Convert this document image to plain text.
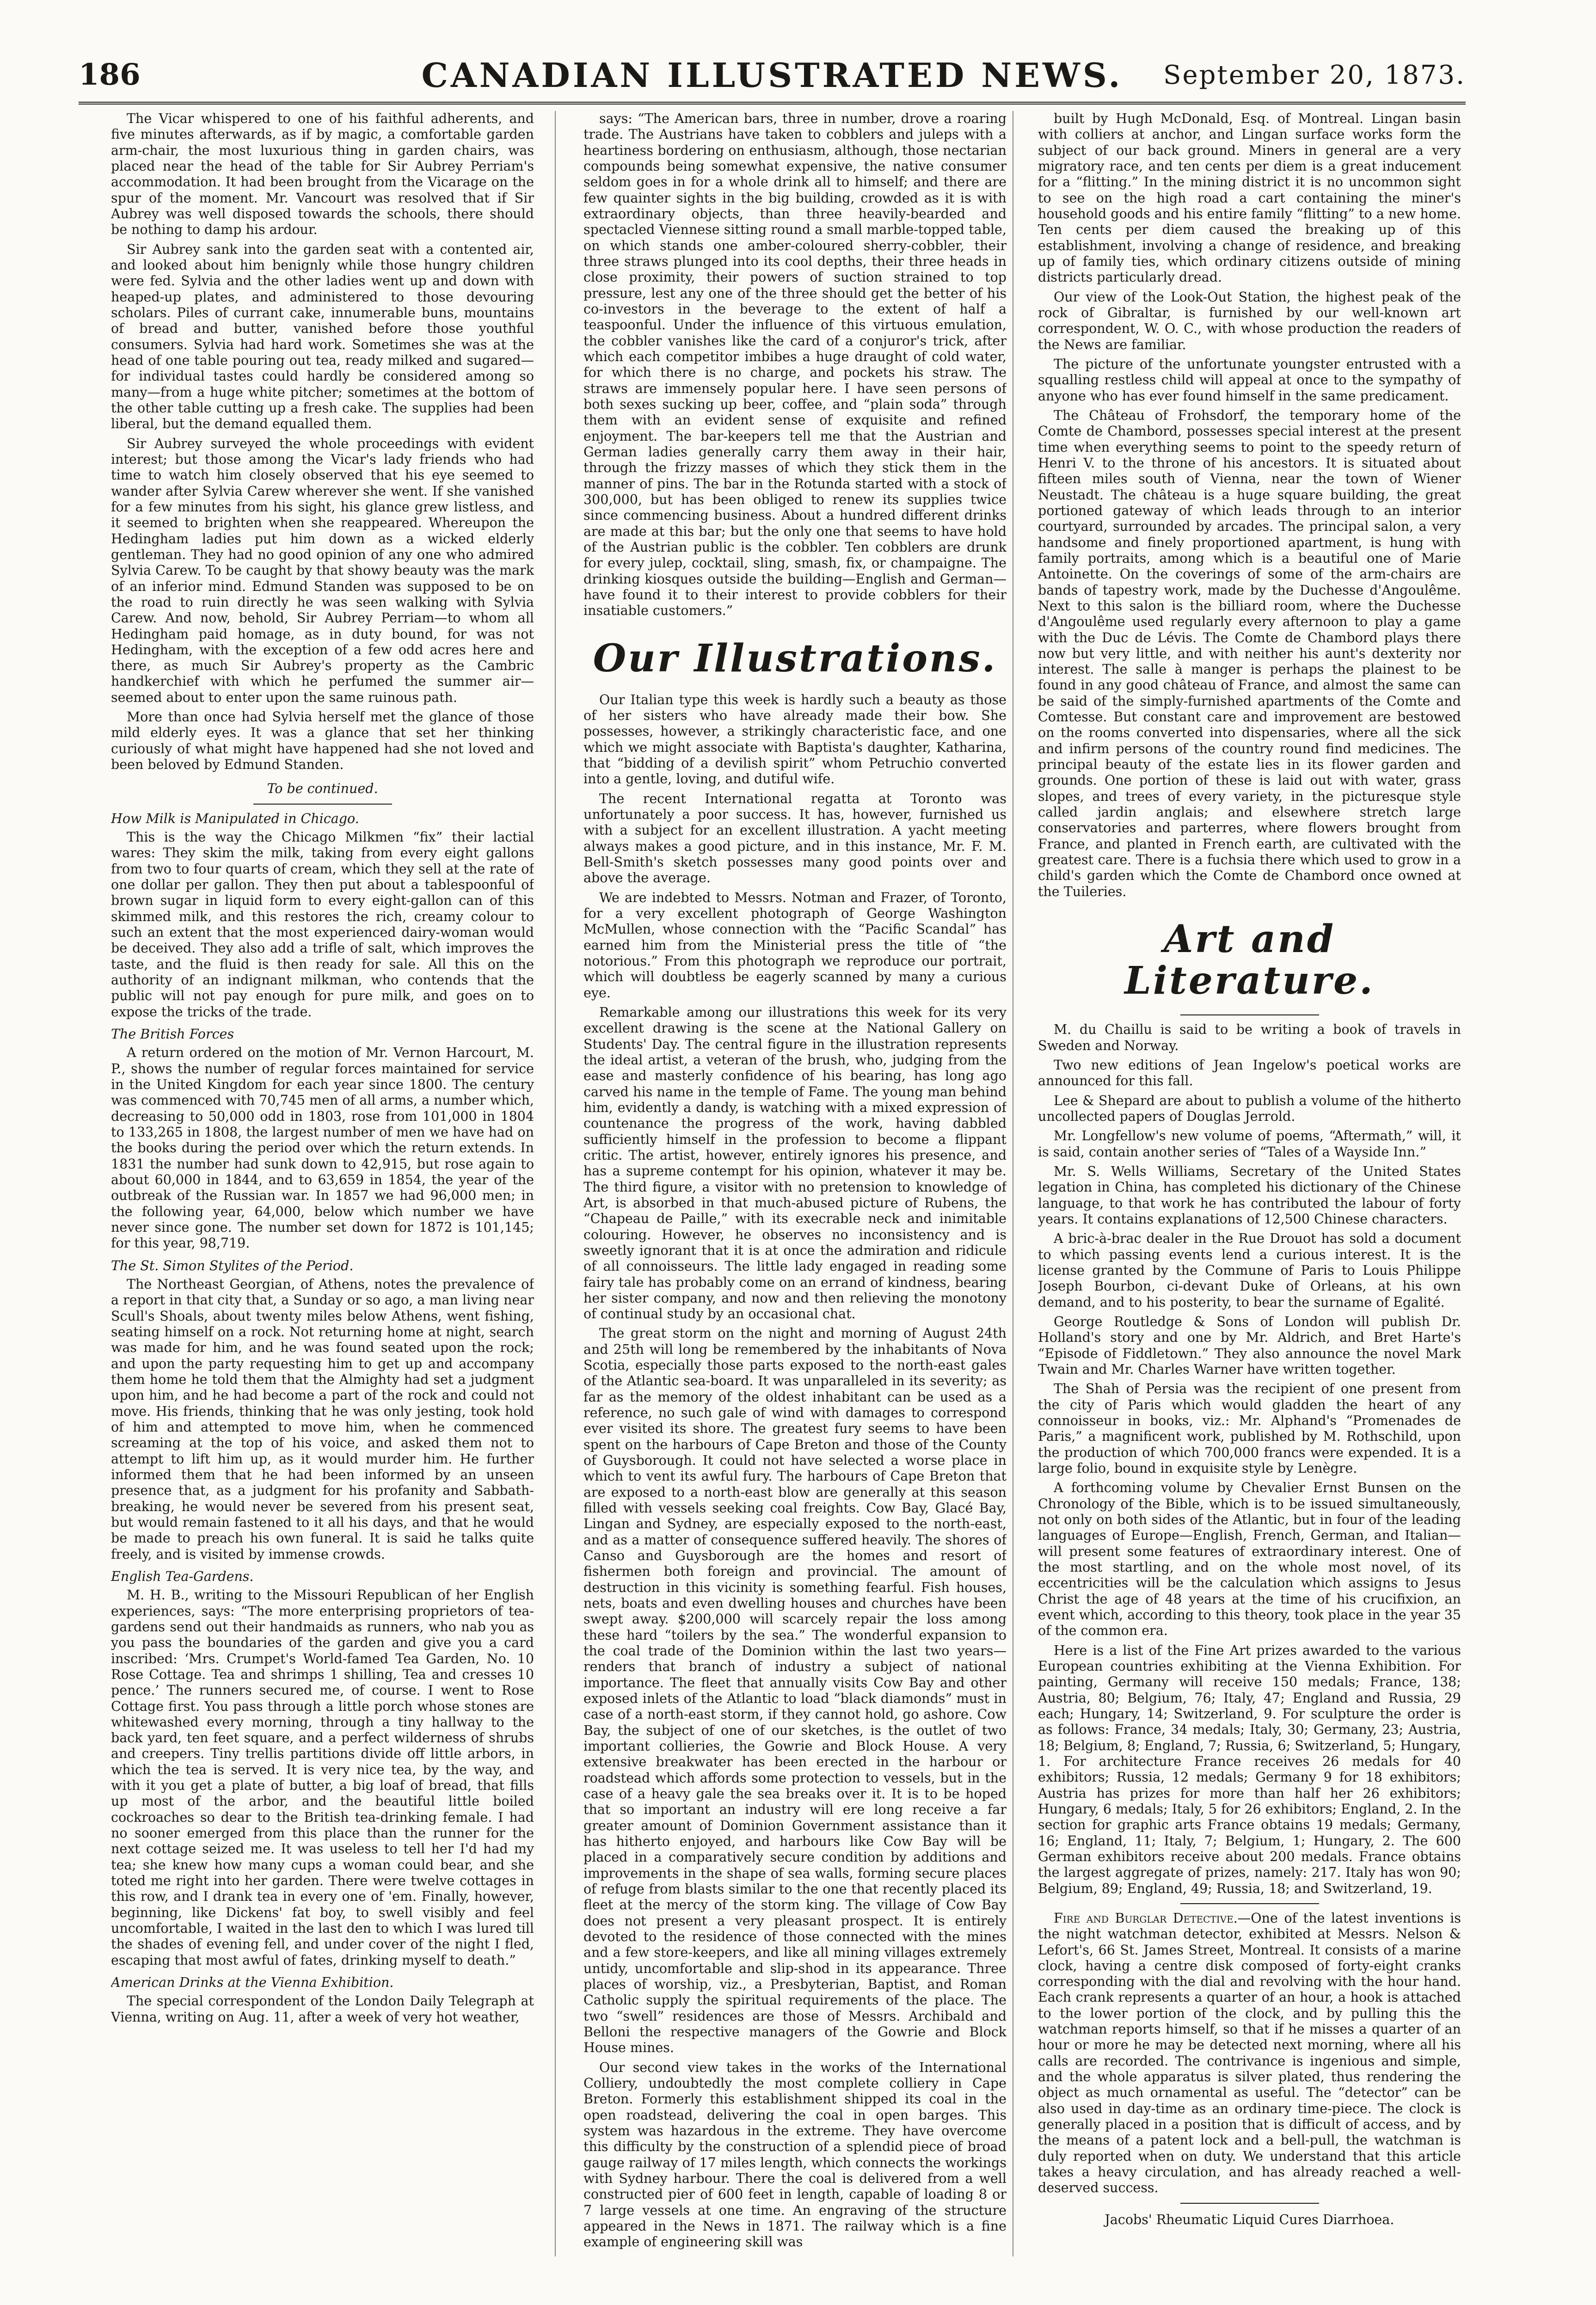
186	CANADIAN ILLUSTRATED NEWS.	September 20, 1873.

The Vicar whispered to one of his faithful adherents, and five minutes afterwards, as if by magic, a comfortable garden arm-chair, the most luxurious thing in garden chairs, was placed near the head of the table for Sir Aubrey Perriam's accommodation. It had been brought from the Vicarage on the spur of the moment. Mr. Vancourt was resolved that if Sir Aubrey was well disposed towards the schools, there should be nothing to damp his ardour.

Sir Aubrey sank into the garden seat with a contented air, and looked about him benignly while those hungry children were fed. Sylvia and the other ladies went up and down with heaped-up plates, and administered to those devouring scholars. Piles of currant cake, innumerable buns, mountains of bread and butter, vanished before those youthful consumers. Sylvia had hard work. Sometimes she was at the head of one table pouring out tea, ready milked and sugared—for individual tastes could hardly be considered among so many—from a huge white pitcher; sometimes at the bottom of the other table cutting up a fresh cake. The supplies had been liberal, but the demand equalled them.

Sir Aubrey surveyed the whole proceedings with evident interest; but those among the Vicar's lady friends who had time to watch him closely observed that his eye seemed to wander after Sylvia Carew wherever she went. If she vanished for a few minutes from his sight, his glance grew listless, and it seemed to brighten when she reappeared. Whereupon the Hedingham ladies put him down as a wicked elderly gentleman. They had no good opinion of any one who admired Sylvia Carew. To be caught by that showy beauty was the mark of an inferior mind. Edmund Standen was supposed to be on the road to ruin directly he was seen walking with Sylvia Carew. And now, behold, Sir Aubrey Perriam—to whom all Hedingham paid homage, as in duty bound, for was not Hedingham, with the exception of a few odd acres here and there, as much Sir Aubrey's property as the Cambric handkerchief with which he perfumed the summer air—seemed about to enter upon the same ruinous path.

More than once had Sylvia herself met the glance of those mild elderly eyes. It was a glance that set her thinking curiously of what might have happened had she not loved and been beloved by Edmund Standen.

To be continued.

How Milk is Manipulated in Chicago.

This is the way the Chicago Milkmen “fix” their lactial wares: They skim the milk, taking from every eight gallons from two to four quarts of cream, which they sell at the rate of one dollar per gallon. They then put about a tablespoonful of brown sugar in liquid form to every eight-gallon can of this skimmed milk, and this restores the rich, creamy colour to such an extent that the most experienced dairy-woman would be deceived. They also add a trifle of salt, which improves the taste, and the fluid is then ready for sale. All this on the authority of an indignant milkman, who contends that the public will not pay enough for pure milk, and goes on to expose the tricks of the trade.

The British Forces

A return ordered on the motion of Mr. Vernon Harcourt, M. P., shows the number of regular forces maintained for service in the United Kingdom for each year since 1800. The century was commenced with 70,745 men of all arms, a number which, decreasing to 50,000 odd in 1803, rose from 101,000 in 1804 to 133,265 in 1808, the largest number of men we have had on the books during the period over which the return extends. In 1831 the number had sunk down to 42,915, but rose again to about 60,000 in 1844, and to 63,659 in 1854, the year of the outbreak of the Russian war. In 1857 we had 96,000 men; in the following year, 64,000, below which number we have never since gone. The number set down for 1872 is 101,145; for this year, 98,719.

The St. Simon Stylites of the Period.

The Northeast Georgian, of Athens, notes the prevalence of a report in that city that, a Sunday or so ago, a man living near Scull's Shoals, about twenty miles below Athens, went fishing, seating himself on a rock. Not returning home at night, search was made for him, and he was found seated upon the rock; and upon the party requesting him to get up and accompany them home he told them that the Almighty had set a judgment upon him, and he had become a part of the rock and could not move. His friends, thinking that he was only jesting, took hold of him and attempted to move him, when he commenced screaming at the top of his voice, and asked them not to attempt to lift him up, as it would murder him. He further informed them that he had been informed by an unseen presence that, as a judgment for his profanity and Sabbath-breaking, he would never be severed from his present seat, but would remain fastened to it all his days, and that he would be made to preach his own funeral. It is said he talks quite freely, and is visited by immense crowds.

English Tea-Gardens.

M. H. B., writing to the Missouri Republican of her English experiences, says: “The more enterprising proprietors of tea-gardens send out their handmaids as runners, who nab you as you pass the boundaries of the garden and give you a card inscribed: ‘Mrs. Crumpet's World-famed Tea Garden, No. 10 Rose Cottage. Tea and shrimps 1 shilling, Tea and cresses 10 pence.’ The runners secured me, of course. I went to Rose Cottage first. You pass through a little porch whose stones are whitewashed every morning, through a tiny hallway to the back yard, ten feet square, and a perfect wilderness of shrubs and creepers. Tiny trellis partitions divide off little arbors, in which the tea is served. It is very nice tea, by the way, and with it you get a plate of butter, a big loaf of bread, that fills up most of the arbor, and the beautiful little boiled cockroaches so dear to the British tea-drinking female. I had no sooner emerged from this place than the runner for the next cottage seized me. It was useless to tell her I'd had my tea; she knew how many cups a woman could bear, and she toted me right into her garden. There were twelve cottages in this row, and I drank tea in every one of 'em. Finally, however, beginning, like Dickens' fat boy, to swell visibly and feel uncomfortable, I waited in the last den to which I was lured till the shades of evening fell, and under cover of the night I fled, escaping that most awful of fates, drinking myself to death.”

American Drinks at the Vienna Exhibition.

The special correspondent of the London Daily Telegraph at Vienna, writing on Aug. 11, after a week of very hot weather,

says: “The American bars, three in number, drove a roaring trade. The Austrians have taken to cobblers and juleps with a heartiness bordering on enthusiasm, although, those nectarian compounds being somewhat expensive, the native consumer seldom goes in for a whole drink all to himself; and there are few quainter sights in the big building, crowded as it is with extraordinary objects, than three heavily-bearded and spectacled Viennese sitting round a small marble-topped table, on which stands one amber-coloured sherry-cobbler, their three straws plunged into its cool depths, their three heads in close proximity, their powers of suction strained to top pressure, lest any one of the three should get the better of his co-investors in the beverage to the extent of half a teaspoonful. Under the influence of this virtuous emulation, the cobbler vanishes like the card of a conjuror's trick, after which each competitor imbibes a huge draught of cold water, for which there is no charge, and pockets his straw. The straws are immensely popular here. I have seen persons of both sexes sucking up beer, coffee, and “plain soda” through them with an evident sense of exquisite and refined enjoyment. The bar-keepers tell me that the Austrian and German ladies generally carry them away in their hair, through the frizzy masses of which they stick them in the manner of pins. The bar in the Rotunda started with a stock of 300,000, but has been obliged to renew its supplies twice since commencing business. About a hundred different drinks are made at this bar; but the only one that seems to have hold of the Austrian public is the cobbler. Ten cobblers are drunk for every julep, cocktail, sling, smash, fix, or champaigne. The drinking kiosques outside the building—English and German—have found it to their interest to provide cobblers for their insatiable customers.”

Our Illustrations.

Our Italian type this week is hardly such a beauty as those of her sisters who have already made their bow. She possesses, however, a strikingly characteristic face, and one which we might associate with Baptista's daughter, Katharina, that “bidding of a devilish spirit” whom Petruchio converted into a gentle, loving, and dutiful wife.

The recent International regatta at Toronto was unfortunately a poor success. It has, however, furnished us with a subject for an excellent illustration. A yacht meeting always makes a good picture, and in this instance, Mr. F. M. Bell-Smith's sketch possesses many good points over and above the average.

We are indebted to Messrs. Notman and Frazer, of Toronto, for a very excellent photograph of George Washington McMullen, whose connection with the “Pacific Scandal” has earned him from the Ministerial press the title of “the notorious.” From this photograph we reproduce our portrait, which will doubtless be eagerly scanned by many a curious eye.

Remarkable among our illustrations this week for its very excellent drawing is the scene at the National Gallery on Students' Day. The central figure in the illustration represents the ideal artist, a veteran of the brush, who, judging from the ease and masterly confidence of his bearing, has long ago carved his name in the temple of Fame. The young man behind him, evidently a dandy, is watching with a mixed expression of countenance the progress of the work, having dabbled sufficiently himself in the profession to become a flippant critic. The artist, however, entirely ignores his presence, and has a supreme contempt for his opinion, whatever it may be. The third figure, a visitor with no pretension to knowledge of Art, is absorbed in that much-abused picture of Rubens, the “Chapeau de Paille,” with its execrable neck and inimitable colouring. However, he observes no inconsistency and is sweetly ignorant that it is at once the admiration and ridicule of all connoisseurs. The little lady engaged in reading some fairy tale has probably come on an errand of kindness, bearing her sister company, and now and then relieving the monotony of continual study by an occasional chat.

The great storm on the night and morning of August 24th and 25th will long be remembered by the inhabitants of Nova Scotia, especially those parts exposed to the north-east gales of the Atlantic sea-board. It was unparalleled in its severity; as far as the memory of the oldest inhabitant can be used as a reference, no such gale of wind with damages to correspond ever visited its shore. The greatest fury seems to have been spent on the harbours of Cape Breton and those of the County of Guysborough. It could not have selected a worse place in which to vent its awful fury. The harbours of Cape Breton that are exposed to a north-east blow are generally at this season filled with vessels seeking coal freights. Cow Bay, Glacé Bay, Lingan and Sydney, are especially exposed to the north-east, and as a matter of consequence suffered heavily. The shores of Canso and Guysborough are the homes and resort of fishermen both foreign and provincial. The amount of destruction in this vicinity is something fearful. Fish houses, nets, boats and even dwelling houses and churches have been swept away. $200,000 will scarcely repair the loss among these hard “toilers by the sea.” The wonderful expansion to the coal trade of the Dominion within the last two years—renders that branch of industry a subject of national importance. The fleet that annually visits Cow Bay and other exposed inlets of the Atlantic to load “black diamonds” must in case of a north-east storm, if they cannot hold, go ashore. Cow Bay, the subject of one of our sketches, is the outlet of two important collieries, the Gowrie and Block House. A very extensive breakwater has been erected in the harbour or roadstead which affords some protection to vessels, but in the case of a heavy gale the sea breaks over it. It is to be hoped that so important an industry will ere long receive a far greater amount of Dominion Government assistance than it has hitherto enjoyed, and harbours like Cow Bay will be placed in a comparatively secure condition by additions and improvements in the shape of sea walls, forming secure places of refuge from blasts similar to the one that recently placed its fleet at the mercy of the storm king. The village of Cow Bay does not present a very pleasant prospect. It is entirely devoted to the residence of those connected with the mines and a few store-keepers, and like all mining villages extremely untidy, uncomfortable and slip-shod in its appearance. Three places of worship, viz., a Presbyterian, Baptist, and Roman Catholic supply the spiritual requirements of the place. The two “swell” residences are those of Messrs. Archibald and Belloni the respective managers of the Gowrie and Block House mines.

Our second view takes in the works of the International Colliery, undoubtedly the most complete colliery in Cape Breton. Formerly this establishment shipped its coal in the open roadstead, delivering the coal in open barges. This system was hazardous in the extreme. They have overcome this difficulty by the construction of a splendid piece of broad gauge railway of 17 miles length, which connects the workings with Sydney harbour. There the coal is delivered from a well constructed pier of 600 feet in length, capable of loading 8 or 7 large vessels at one time. An engraving of the structure appeared in the News in 1871. The railway which is a fine example of engineering skill was

built by Hugh McDonald, Esq. of Montreal. Lingan basin with colliers at anchor, and Lingan surface works form the subject of our back ground. Miners in general are a very migratory race, and ten cents per diem is a great inducement for a “flitting.” In the mining district it is no uncommon sight to see on the high road a cart containing the miner's household goods and his entire family “flitting” to a new home. Ten cents per diem caused the breaking up of this establishment, involving a change of residence, and breaking up of family ties, which ordinary citizens outside of mining districts particularly dread.

Our view of the Look-Out Station, the highest peak of the rock of Gibraltar, is furnished by our well-known art correspondent, W. O. C., with whose production the readers of the News are familiar.

The picture of the unfortunate youngster entrusted with a squalling restless child will appeal at once to the sympathy of anyone who has ever found himself in the same predicament.

The Château of Frohsdorf, the temporary home of the Comte de Chambord, possesses special interest at the present time when everything seems to point to the speedy return of Henri V. to the throne of his ancestors. It is situated about fifteen miles south of Vienna, near the town of Wiener Neustadt. The château is a huge square building, the great portioned gateway of which leads through to an interior courtyard, surrounded by arcades. The principal salon, a very handsome and finely proportioned apartment, is hung with family portraits, among which is a beautiful one of Marie Antoinette. On the coverings of some of the arm-chairs are bands of tapestry work, made by the Duchesse d'Angoulême. Next to this salon is the billiard room, where the Duchesse d'Angoulême used regularly every afternoon to play a game with the Duc de Lévis. The Comte de Chambord plays there now but very little, and with neither his aunt's dexterity nor interest. The salle à manger is perhaps the plainest to be found in any good château of France, and almost the same can be said of the simply-furnished apartments of the Comte and Comtesse. But constant care and improvement are bestowed on the rooms converted into dispensaries, where all the sick and infirm persons of the country round find medicines. The principal beauty of the estate lies in its flower garden and grounds. One portion of these is laid out with water, grass slopes, and trees of every variety, in the picturesque style called jardin anglais; and elsewhere stretch large conservatories and parterres, where flowers brought from France, and planted in French earth, are cultivated with the greatest care. There is a fuchsia there which used to grow in a child's garden which the Comte de Chambord once owned at the Tuileries.

Art and Literature.

M. du Chaillu is said to be writing a book of travels in Sweden and Norway.

Two new editions of Jean Ingelow's poetical works are announced for this fall.

Lee & Shepard are about to publish a volume of the hitherto uncollected papers of Douglas Jerrold.

Mr. Longfellow's new volume of poems, “Aftermath,” will, it is said, contain another series of “Tales of a Wayside Inn.”

Mr. S. Wells Williams, Secretary of the United States legation in China, has completed his dictionary of the Chinese language, to that work he has contributed the labour of forty years. It contains explanations of 12,500 Chinese characters.

A bric-à-brac dealer in the Rue Drouot has sold a document to which passing events lend a curious interest. It is the license granted by the Commune of Paris to Louis Philippe Joseph Bourbon, ci-devant Duke of Orleans, at his own demand, and to his posterity, to bear the surname of Egalité.

George Routledge & Sons of London will publish Dr. Holland's story and one by Mr. Aldrich, and Bret Harte's “Episode of Fiddletown.” They also announce the novel Mark Twain and Mr. Charles Warner have written together.

The Shah of Persia was the recipient of one present from the city of Paris which would gladden the heart of any connoisseur in books, viz.: Mr. Alphand's “Promenades de Paris,” a magnificent work, published by M. Rothschild, upon the production of which 700,000 francs were expended. It is a large folio, bound in exquisite style by Lenègre.

A forthcoming volume by Chevalier Ernst Bunsen on the Chronology of the Bible, which is to be issued simultaneously, not only on both sides of the Atlantic, but in four of the leading languages of Europe—English, French, German, and Italian—will present some features of extraordinary interest. One of the most startling, and on the whole most novel, of its eccentricities will be the calculation which assigns to Jesus Christ the age of 48 years at the time of his crucifixion, an event which, according to this theory, took place in the year 35 of the common era.

Here is a list of the Fine Art prizes awarded to the various European countries exhibiting at the Vienna Exhibition. For painting, Germany will receive 150 medals; France, 138; Austria, 80; Belgium, 76; Italy, 47; England and Russia, 29 each; Hungary, 14; Switzerland, 9. For sculpture the order is as follows: France, 34 medals; Italy, 30; Germany, 23; Austria, 18; Belgium, 8; England, 7; Russia, 6; Switzerland, 5; Hungary, 1. For architecture France receives 26 medals for 40 exhibitors; Russia, 12 medals; Germany 9 for 18 exhibitors; Austria has prizes for more than half her 26 exhibitors; Hungary, 6 medals; Italy, 5 for 26 exhibitors; England, 2. In the section for graphic arts France obtains 19 medals; Germany, 16; England, 11; Italy, 7; Belgium, 1; Hungary, 2. The 600 German exhibitors receive about 200 medals. France obtains the largest aggregate of prizes, namely: 217. Italy has won 90; Belgium, 89; England, 49; Russia, 18; and Switzerland, 19.

Fire and Burglar Detective.—One of the latest inventions is the night watchman detector, exhibited at Messrs. Nelson & Lefort's, 66 St. James Street, Montreal. It consists of a marine clock, having a centre disk composed of forty-eight cranks corresponding with the dial and revolving with the hour hand. Each crank represents a quarter of an hour, a hook is attached to the lower portion of the clock, and by pulling this the watchman reports himself, so that if he misses a quarter of an hour or more he may be detected next morning, where all his calls are recorded. The contrivance is ingenious and simple, and the whole apparatus is silver plated, thus rendering the object as much ornamental as useful. The “detector” can be also used in day-time as an ordinary time-piece. The clock is generally placed in a position that is difficult of access, and by the means of a patent lock and a bell-pull, the watchman is duly reported when on duty. We understand that this article takes a heavy circulation, and has already reached a well-deserved success.

Jacobs' Rheumatic Liquid Cures Diarrhoea.
